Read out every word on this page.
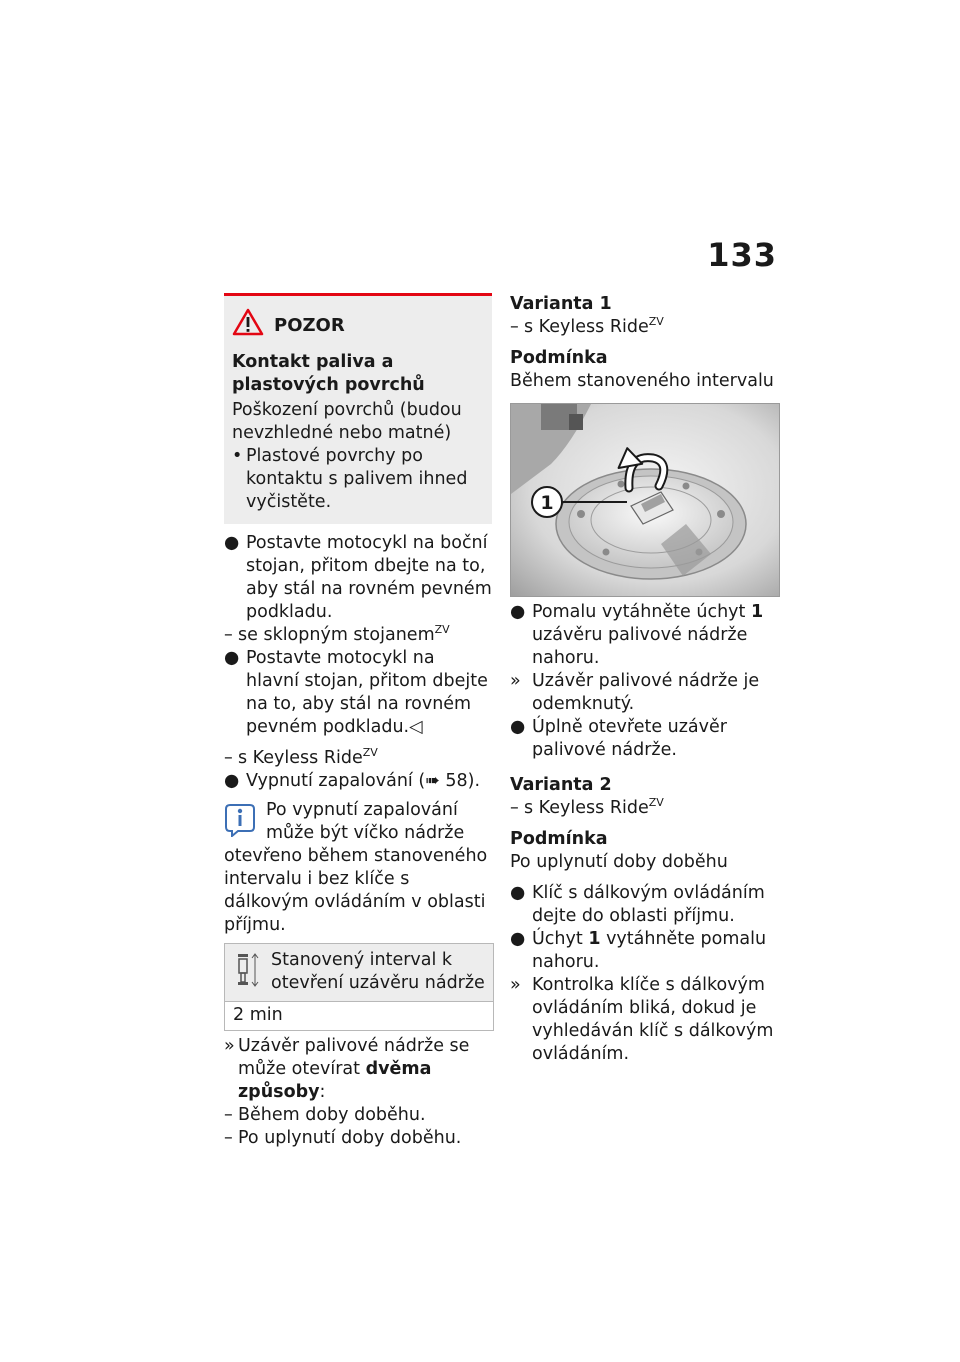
133
POZOR
Kontakt paliva a plastových povrchů
Poškození povrchů (budou nevzhledné nebo matné)
• Plastové povrchy po kontaktu s palivem ihned vyčistěte.
● Postavte motocykl na boční stojan, přitom dbejte na to, aby stál na rovném pevném podkladu.
– se sklopným stojanem$^{ZV}$
● Postavte motocykl na hlavní stojan, přitom dbejte na to, aby stál na rovném pevném podkladu.◁
– s Keyless Ride$^{ZV}$
● Vypnutí zapalování (➠ 58).
Po vypnutí zapalování může být víčko nádrže
otevřeno během stanoveného intervalu i bez klíče s dálkovým ovládáním v oblasti příjmu.
Stanovený interval k otevření uzávěru nádrže
2 min
» Uzávěr palivové nádrže se může otevírat dvěma způsoby:
– Během doby doběhu.
– Po uplynutí doby doběhu.
Varianta 1
– s Keyless Ride$^{ZV}$
Podmínka
Během stanoveného intervalu
1
● Pomalu vytáhněte úchyt 1 uzávěru palivové nádrže nahoru.
» Uzávěr palivové nádrže je odemknutý.
● Úplně otevřete uzávěr palivové nádrže.
Varianta 2
– s Keyless Ride$^{ZV}$
Podmínka
Po uplynutí doby doběhu
● Klíč s dálkovým ovládáním dejte do oblasti příjmu.
● Úchyt 1 vytáhněte pomalu nahoru.
» Kontrolka klíče s dálkovým ovládáním bliká, dokud je vyhledáván klíč s dálkovým ovládáním.
